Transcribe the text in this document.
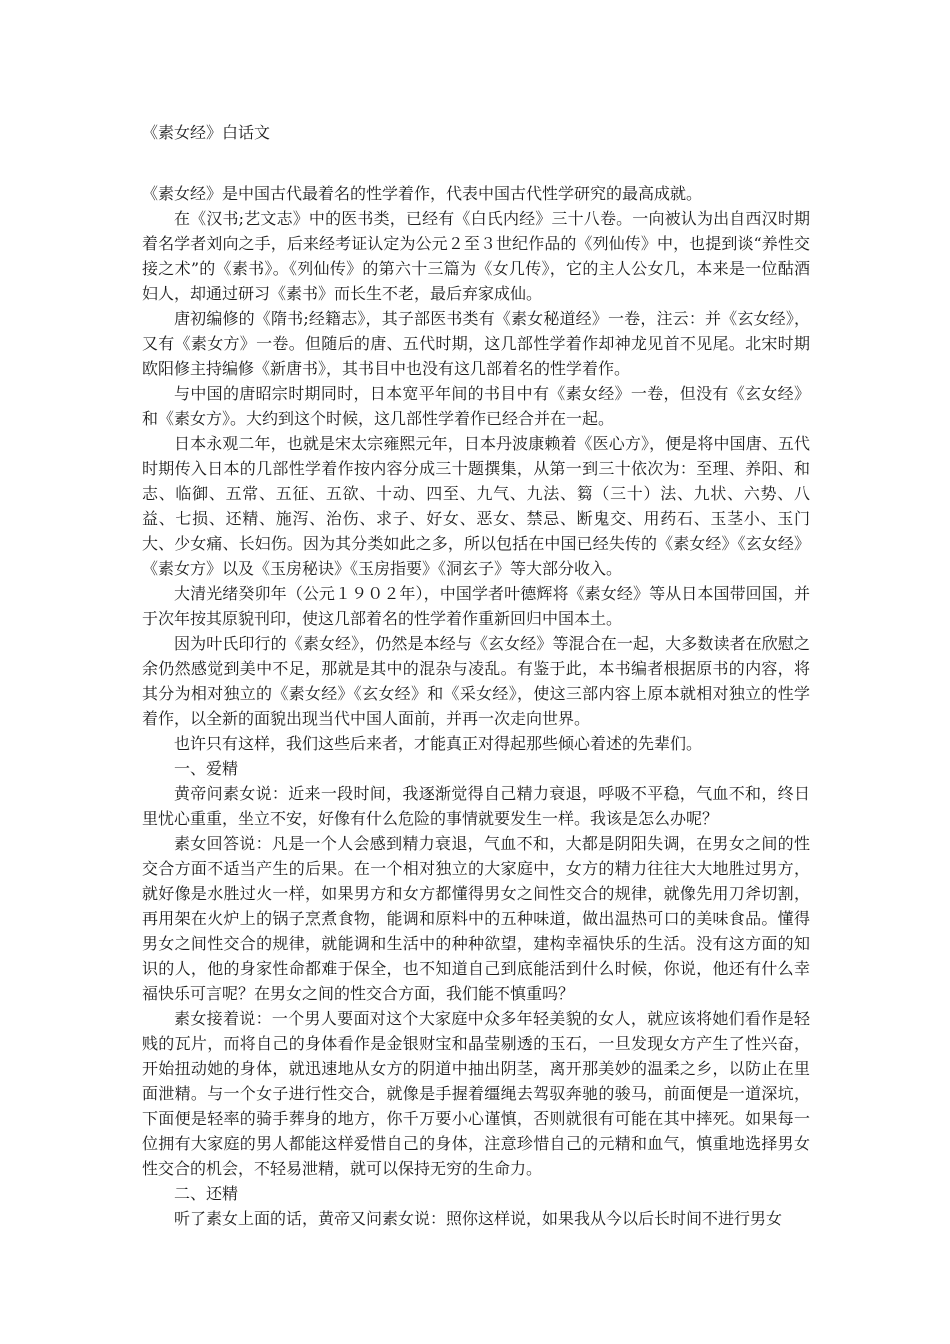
《素女经》白话文

《素女经》是中国古代最着名的性学着作，代表中国古代性学研究的最高成就。

在《汉书;艺文志》中的医书类，已经有《白氏内经》三十八卷。一向被认为出自西汉时期着名学者刘向之手，后来经考证认定为公元２至３世纪作品的《列仙传》中，也提到谈“养性交接之术”的《素书》。《列仙传》的第六十三篇为《女几传》，它的主人公女几，本来是一位酤酒妇人，却通过研习《素书》而长生不老，最后弃家成仙。

唐初编修的《隋书;经籍志》，其子部医书类有《素女秘道经》一卷，注云：并《玄女经》，又有《素女方》一卷。但随后的唐、五代时期，这几部性学着作却神龙见首不见尾。北宋时期欧阳修主持编修《新唐书》，其书目中也没有这几部着名的性学着作。

与中国的唐昭宗时期同时，日本宽平年间的书目中有《素女经》一卷，但没有《玄女经》和《素女方》。大约到这个时候，这几部性学着作已经合并在一起。

日本永观二年，也就是宋太宗雍熙元年，日本丹波康赖着《医心方》，便是将中国唐、五代时期传入日本的几部性学着作按内容分成三十题撰集，从第一到三十依次为：至理、养阳、和志、临御、五常、五征、五欲、十动、四至、九气、九法、篘（三十）法、九状、六势、八益、七损、还精、施泻、治伤、求子、好女、恶女、禁忌、断鬼交、用药石、玉茎小、玉门大、少女痛、长妇伤。因为其分类如此之多，所以包括在中国已经失传的《素女经》《玄女经》《素女方》以及《玉房秘诀》《玉房指要》《洞玄子》等大部分收入。

大清光绪癸卯年（公元１９０２年），中国学者叶德辉将《素女经》等从日本国带回国，并于次年按其原貌刊印，使这几部着名的性学着作重新回归中国本土。

因为叶氏印行的《素女经》，仍然是本经与《玄女经》等混合在一起，大多数读者在欣慰之余仍然感觉到美中不足，那就是其中的混杂与凌乱。有鉴于此，本书编者根据原书的内容，将其分为相对独立的《素女经》《玄女经》和《采女经》，使这三部内容上原本就相对独立的性学着作，以全新的面貌出现当代中国人面前，并再一次走向世界。

也许只有这样，我们这些后来者，才能真正对得起那些倾心着述的先辈们。

一、爱精

黄帝问素女说：近来一段时间，我逐渐觉得自己精力衰退，呼吸不平稳，气血不和，终日里忧心重重，坐立不安，好像有什么危险的事情就要发生一样。我该是怎么办呢？

素女回答说：凡是一个人会感到精力衰退，气血不和，大都是阴阳失调，在男女之间的性交合方面不适当产生的后果。在一个相对独立的大家庭中，女方的精力往往大大地胜过男方，就好像是水胜过火一样，如果男方和女方都懂得男女之间性交合的规律，就像先用刀斧切割，再用架在火炉上的锅子烹煮食物，能调和原料中的五种味道，做出温热可口的美味食品。懂得男女之间性交合的规律，就能调和生活中的种种欲望，建构幸福快乐的生活。没有这方面的知识的人，他的身家性命都难于保全，也不知道自己到底能活到什么时候，你说，他还有什么幸福快乐可言呢？在男女之间的性交合方面，我们能不慎重吗？

素女接着说：一个男人要面对这个大家庭中众多年轻美貌的女人，就应该将她们看作是轻贱的瓦片，而将自己的身体看作是金银财宝和晶莹剔透的玉石，一旦发现女方产生了性兴奋，开始扭动她的身体，就迅速地从女方的阴道中抽出阴茎，离开那美妙的温柔之乡，以防止在里面泄精。与一个女子进行性交合，就像是手握着缰绳去驾驭奔驰的骏马，前面便是一道深坑，下面便是轻率的骑手葬身的地方，你千万要小心谨慎，否则就很有可能在其中摔死。如果每一位拥有大家庭的男人都能这样爱惜自己的身体，注意珍惜自己的元精和血气，慎重地选择男女性交合的机会，不轻易泄精，就可以保持无穷的生命力。

二、还精

听了素女上面的话，黄帝又问素女说：照你这样说，如果我从今以后长时间不进行男女
